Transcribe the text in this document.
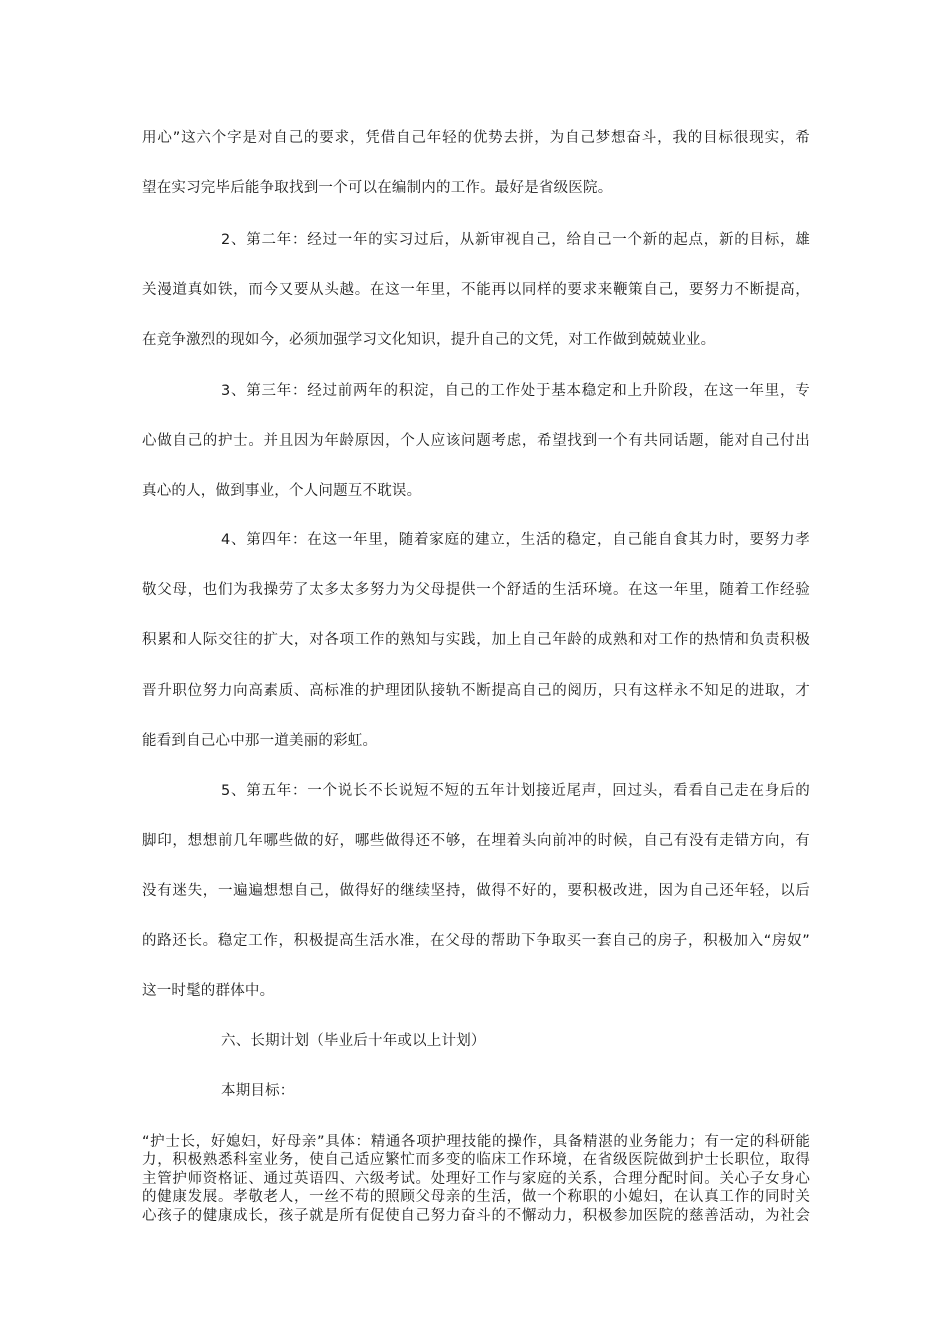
用心”这六个字是对自己的要求，凭借自己年轻的优势去拼，为自己梦想奋斗，我的目标很现实，希
望在实习完毕后能争取找到一个可以在编制内的工作。最好是省级医院。
2、第二年：经过一年的实习过后，从新审视自己，给自己一个新的起点，新的目标，雄
关漫道真如铁，而今又要从头越。在这一年里，不能再以同样的要求来鞭策自己，要努力不断提高，
在竞争激烈的现如今，必须加强学习文化知识，提升自己的文凭，对工作做到兢兢业业。
3、第三年：经过前两年的积淀，自己的工作处于基本稳定和上升阶段，在这一年里，专
心做自己的护士。并且因为年龄原因，个人应该问题考虑，希望找到一个有共同话题，能对自己付出
真心的人，做到事业，个人问题互不耽误。
4、第四年：在这一年里，随着家庭的建立，生活的稳定，自己能自食其力时，要努力孝
敬父母，也们为我操劳了太多太多努力为父母提供一个舒适的生活环境。在这一年里，随着工作经验
积累和人际交往的扩大，对各项工作的熟知与实践，加上自己年龄的成熟和对工作的热情和负责积极
晋升职位努力向高素质、高标准的护理团队接轨不断提高自己的阅历，只有这样永不知足的进取，才
能看到自己心中那一道美丽的彩虹。
5、第五年：一个说长不长说短不短的五年计划接近尾声，回过头，看看自己走在身后的
脚印，想想前几年哪些做的好，哪些做得还不够，在埋着头向前冲的时候，自己有没有走错方向，有
没有迷失，一遍遍想想自己，做得好的继续坚持，做得不好的，要积极改进，因为自己还年轻，以后
的路还长。稳定工作，积极提高生活水准，在父母的帮助下争取买一套自己的房子，积极加入“房奴”
这一时髦的群体中。
六、长期计划（毕业后十年或以上计划）
本期目标：
“护士长，好媳妇，好母亲”具体：精通各项护理技能的操作，具备精湛的业务能力；有一定的科研能
力，积极熟悉科室业务，使自己适应繁忙而多变的临床工作环境，在省级医院做到护士长职位，取得
主管护师资格证、通过英语四、六级考试。处理好工作与家庭的关系，合理分配时间。关心子女身心
的健康发展。孝敬老人，一丝不苟的照顾父母亲的生活，做一个称职的小媳妇，在认真工作的同时关
心孩子的健康成长，孩子就是所有促使自己努力奋斗的不懈动力，积极参加医院的慈善活动，为社会
